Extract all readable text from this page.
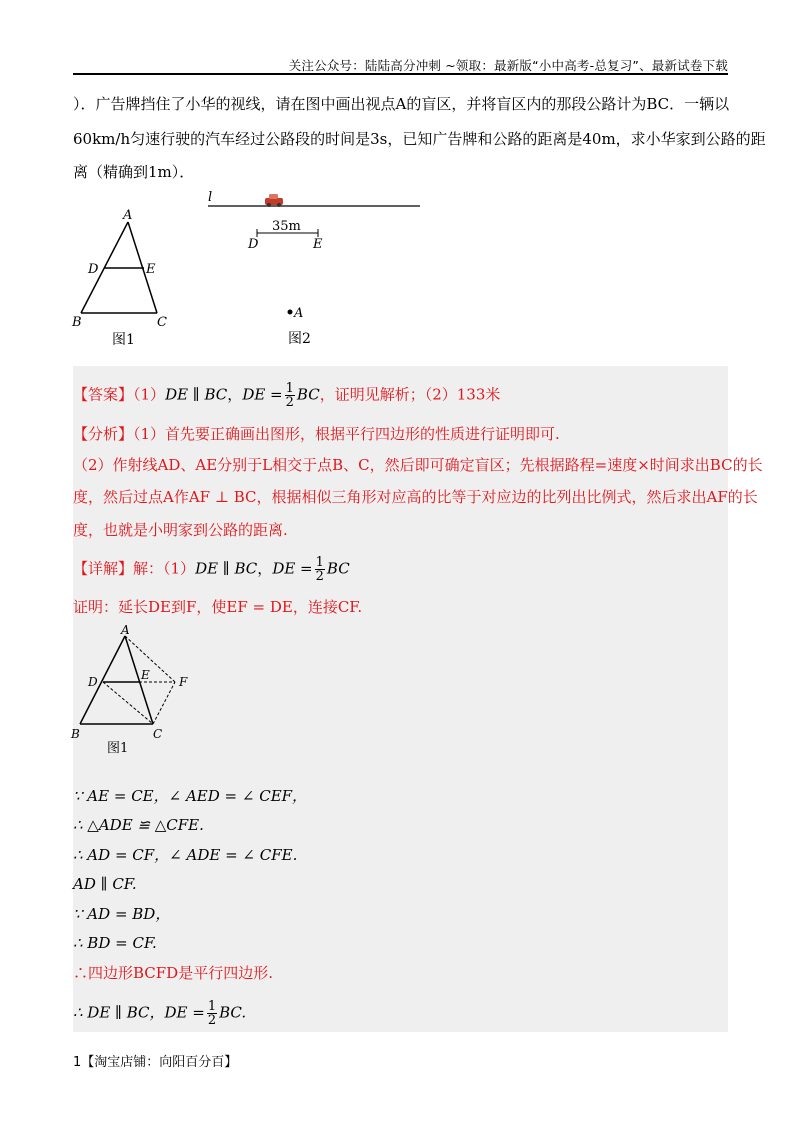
关注公众号：陆陆高分冲刺 ~领取：最新版“小中高考-总复习”、最新试卷下载
）．广告牌挡住了小华的视线，请在图中画出视点A的盲区，并将盲区内的那段公路计为BC．一辆以
60km/h匀速行驶的汽车经过公路段的时间是3s，已知广告牌和公路的距离是40m，求小华家到公路的距
离（精确到1m）．
A
D	E
B	C
图1
l
35m
D	E
A
图2
【答案】（1）DE ∥ BC，DE = $\frac{1}{2}$ BC，证明见解析；（2）133米
【分析】（1）首先要正确画出图形，根据平行四边形的性质进行证明即可.
（2）作射线AD、AE分别于L相交于点B、C，然后即可确定盲区；先根据路程=速度×时间求出BC的长
度，然后过点A作AF ⊥ BC，根据相似三角形对应高的比等于对应边的比列出比例式，然后求出AF的长
度，也就是小明家到公路的距离.
【详解】解：（1）DE ∥ BC，DE = $\frac{1}{2}$ BC
证明：延长DE到F，使EF = DE，连接CF.
A
D	E F
B	C
图1
∵ AE = CE，∠ AED = ∠ CEF，
∴ △ADE ≌ △CFE.
∴ AD = CF，∠ ADE = ∠ CFE.
AD ∥ CF.
∵ AD = BD，
∴ BD = CF.
∴四边形BCFD是平行四边形.
∴ DE ∥ BC，DE = $\frac{1}{2}$ BC.
1【淘宝店铺：向阳百分百】
